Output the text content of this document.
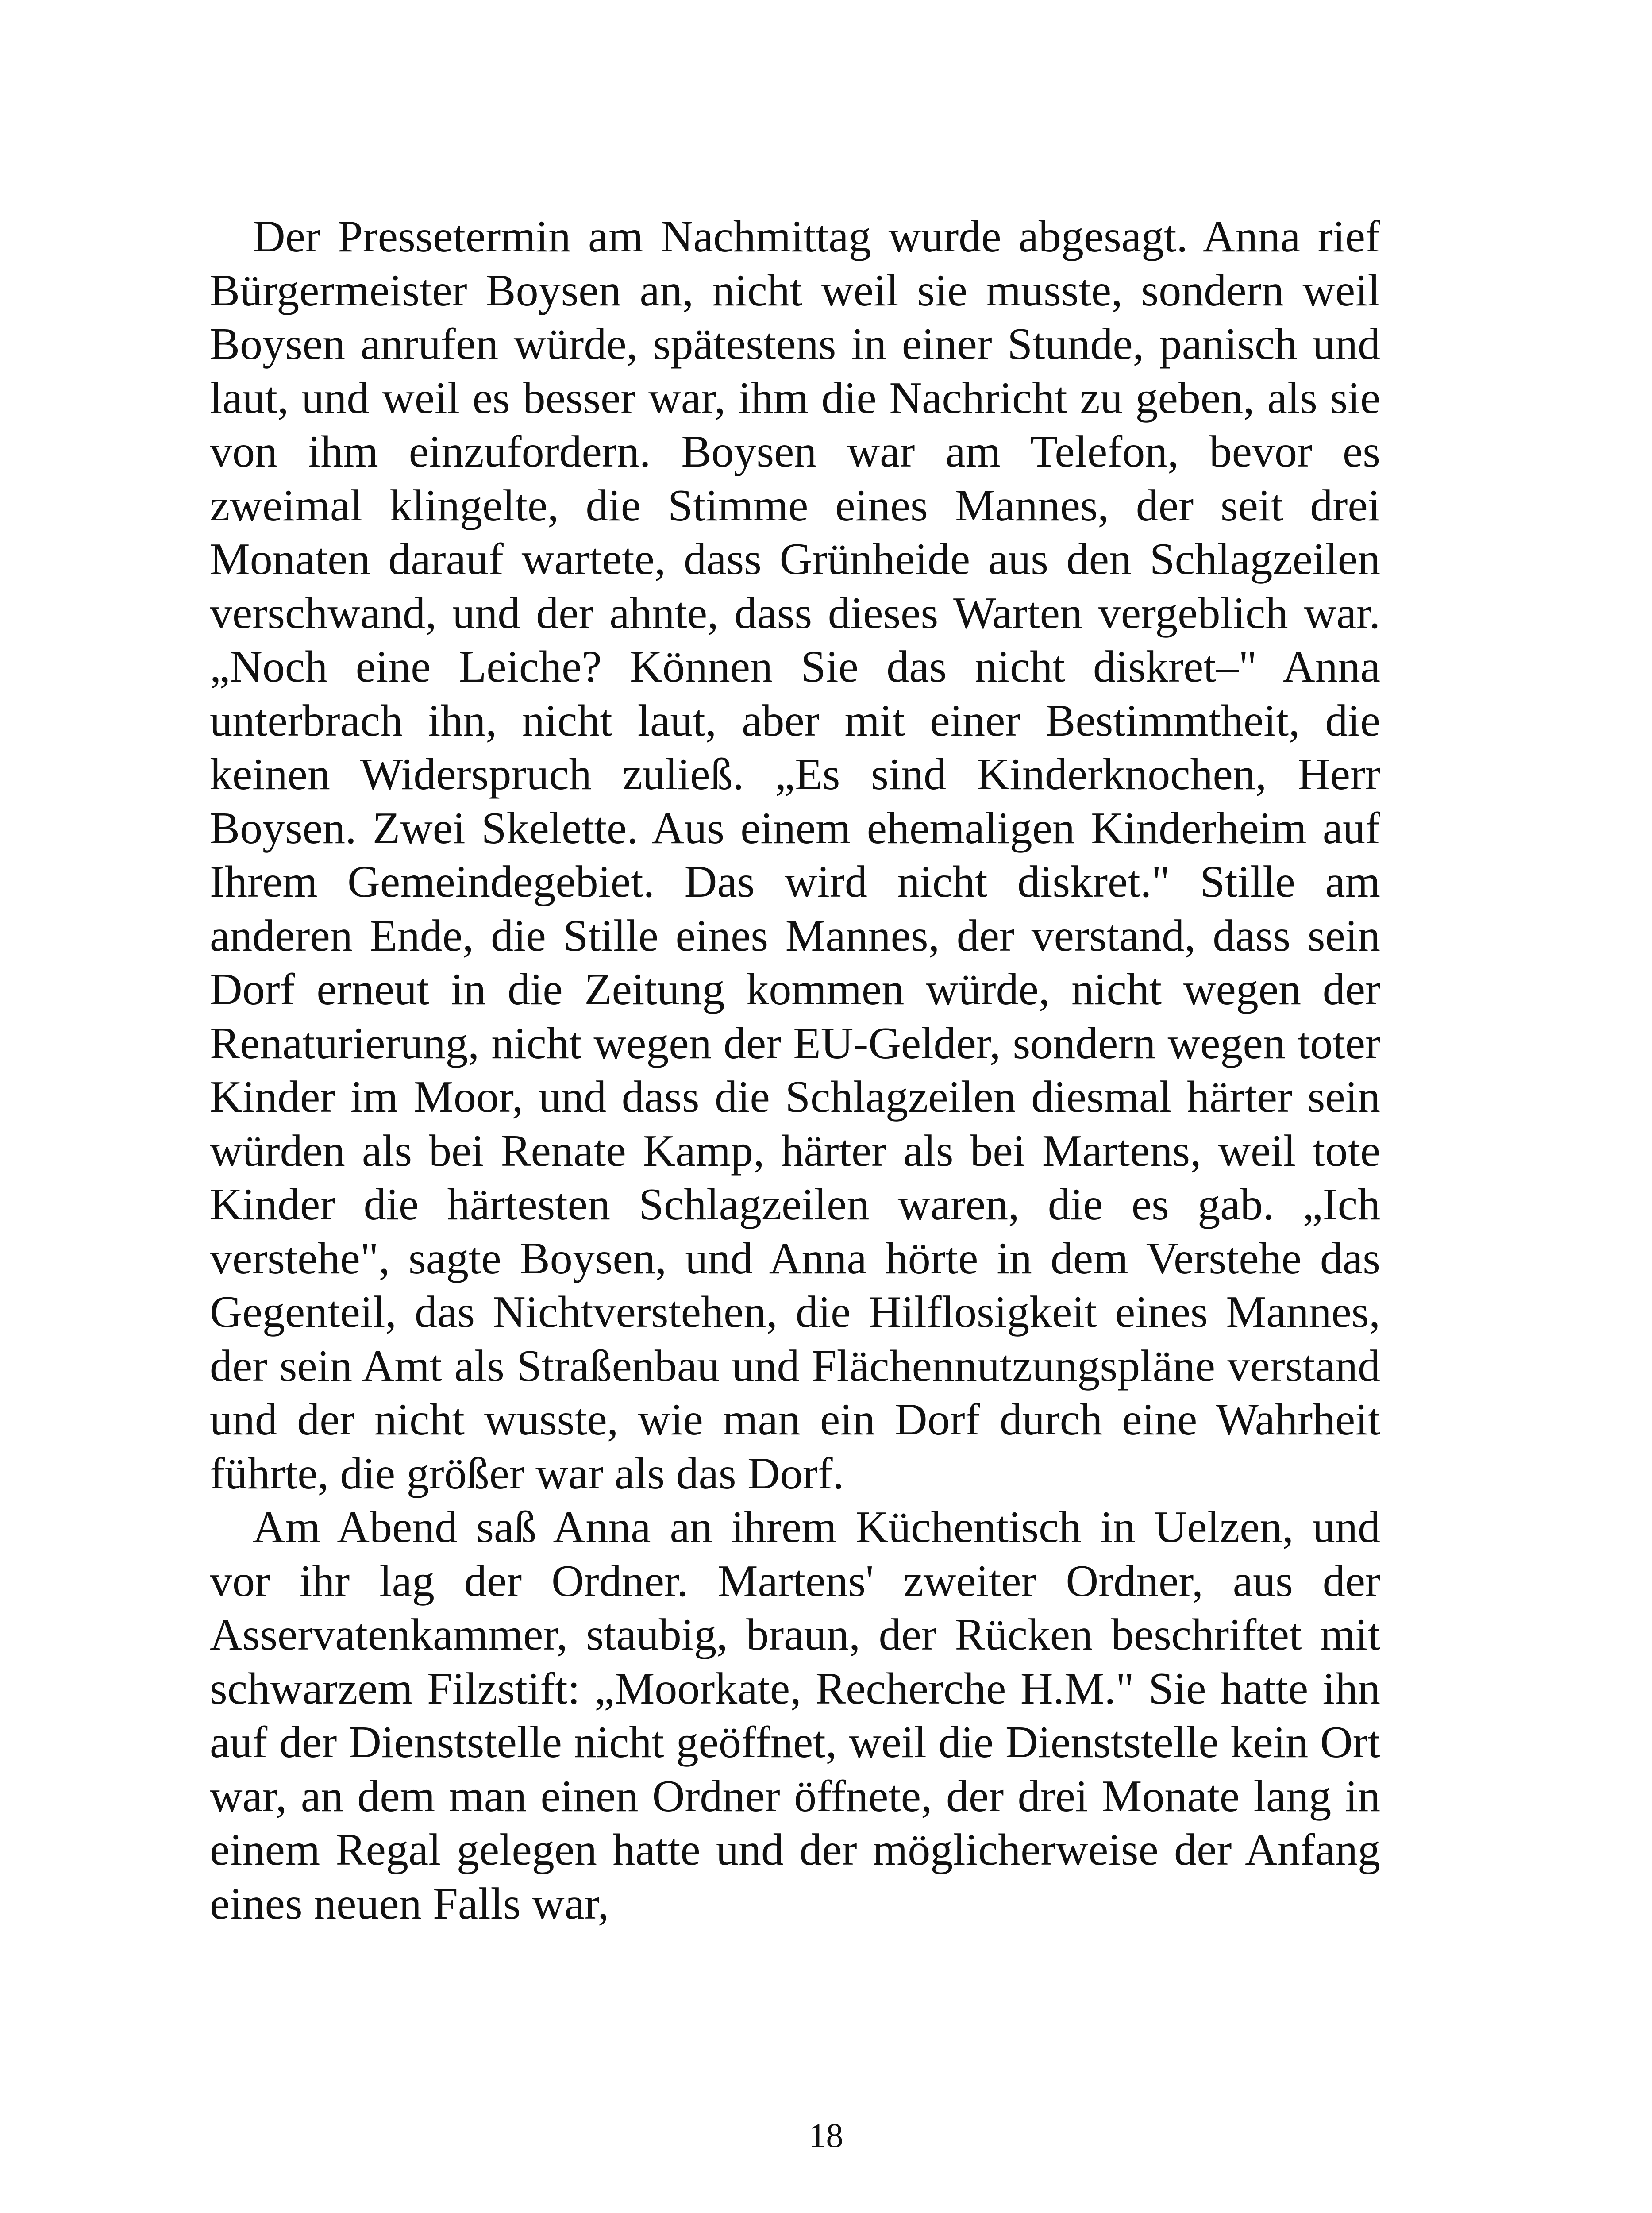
Der Pressetermin am Nachmittag wurde abgesagt. Anna rief Bürgermeister Boysen an, nicht weil sie musste, sondern weil Boysen anrufen würde, spätestens in einer Stunde, panisch und laut, und weil es besser war, ihm die Nachricht zu geben, als sie von ihm einzufordern. Boysen war am Telefon, bevor es zweimal klingelte, die Stimme eines Mannes, der seit drei Monaten darauf wartete, dass Grünheide aus den Schlagzeilen verschwand, und der ahnte, dass dieses Warten vergeblich war. „Noch eine Leiche? Können Sie das nicht diskret–" Anna unterbrach ihn, nicht laut, aber mit einer Bestimmtheit, die keinen Widerspruch zuließ. „Es sind Kinderknochen, Herr Boysen. Zwei Skelette. Aus einem ehemaligen Kinderheim auf Ihrem Gemeindegebiet. Das wird nicht diskret." Stille am anderen Ende, die Stille eines Mannes, der verstand, dass sein Dorf erneut in die Zeitung kommen würde, nicht wegen der Renaturierung, nicht wegen der EU-Gelder, sondern wegen toter Kinder im Moor, und dass die Schlagzeilen diesmal härter sein würden als bei Renate Kamp, härter als bei Martens, weil tote Kinder die härtesten Schlagzeilen waren, die es gab. „Ich verstehe", sagte Boysen, und Anna hörte in dem Verstehe das Gegenteil, das Nichtverstehen, die Hilflosigkeit eines Mannes, der sein Amt als Straßenbau und Flächennutzungspläne verstand und der nicht wusste, wie man ein Dorf durch eine Wahrheit führte, die größer war als das Dorf.

Am Abend saß Anna an ihrem Küchentisch in Uelzen, und vor ihr lag der Ordner. Martens' zweiter Ordner, aus der Asservatenkammer, staubig, braun, der Rücken beschriftet mit schwarzem Filzstift: „Moorkate, Recherche H.M." Sie hatte ihn auf der Dienststelle nicht geöffnet, weil die Dienststelle kein Ort war, an dem man einen Ordner öffnete, der drei Monate lang in einem Regal gelegen hatte und der möglicherweise der Anfang eines neuen Falls war,

18
